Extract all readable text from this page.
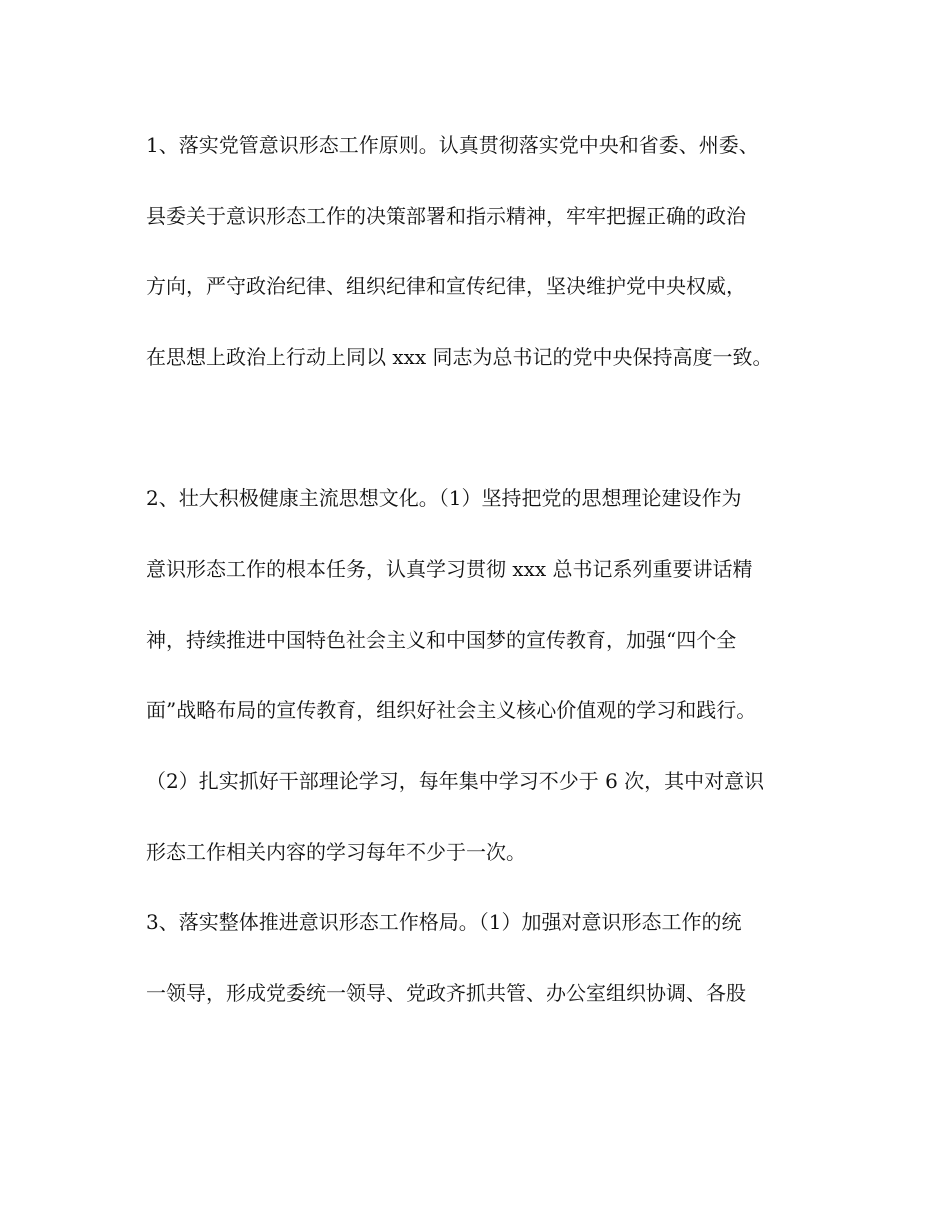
1、落实党管意识形态工作原则。认真贯彻落实党中央和省委、州委、

县委关于意识形态工作的决策部署和指示精神，牢牢把握正确的政治

方向，严守政治纪律、组织纪律和宣传纪律，坚决维护党中央权威，

在思想上政治上行动上同以 xxx 同志为总书记的党中央保持高度一致。

2、壮大积极健康主流思想文化。（1）坚持把党的思想理论建设作为

意识形态工作的根本任务，认真学习贯彻 xxx 总书记系列重要讲话精

神，持续推进中国特色社会主义和中国梦的宣传教育，加强“四个全

面”战略布局的宣传教育，组织好社会主义核心价值观的学习和践行。

（2）扎实抓好干部理论学习，每年集中学习不少于 6 次，其中对意识

形态工作相关内容的学习每年不少于一次。

3、落实整体推进意识形态工作格局。（1）加强对意识形态工作的统

一领导，形成党委统一领导、党政齐抓共管、办公室组织协调、各股
